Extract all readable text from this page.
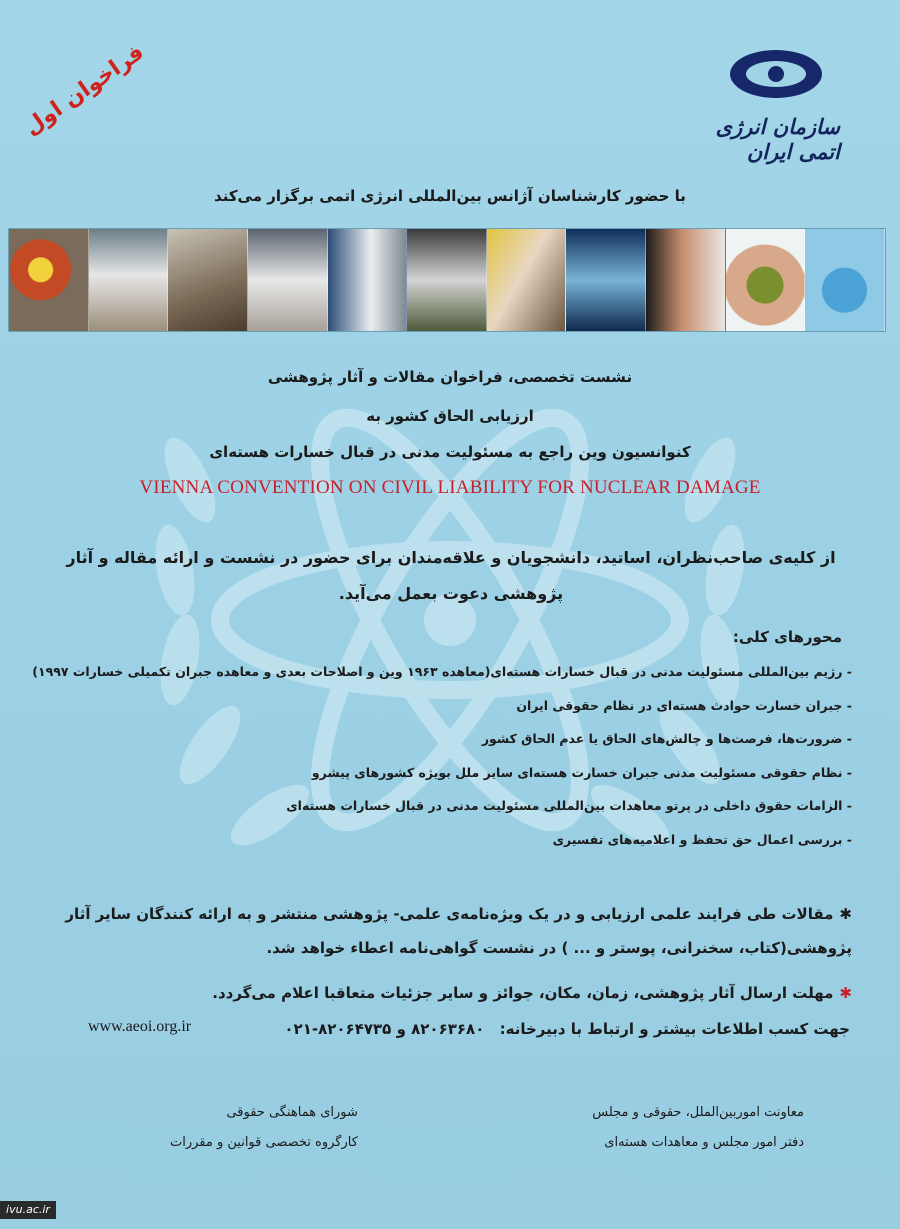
فراخوان اول	سازمان انرژی اتمی ایران
با حضور کارشناسان آژانس بین‌المللی انرژی اتمی برگزار می‌کند
نشست تخصصی، فراخوان مقالات و آثار پژوهشی
ارزیابی الحاق کشور به
کنوانسیون وین راجع به مسئولیت مدنی در قبال خسارات هسته‌ای
VIENNA CONVENTION ON CIVIL LIABILITY FOR NUCLEAR DAMAGE
از کلیه‌ی صاحب‌نظران، اساتید، دانشجویان و علاقه‌مندان برای حضور در نشست و ارائه مقاله و آثار
پژوهشی دعوت بعمل می‌آید.
محورهای کلی:
- رژیم بین‌المللی مسئولیت مدنی در قبال خسارات هسته‌ای(معاهده ۱۹۶۳ وین و اصلاحات بعدی و معاهده جبران تکمیلی خسارات ۱۹۹۷)
- جبران خسارت حوادث هسته‌ای در نظام حقوقی ایران
- ضرورت‌ها، فرصت‌ها و چالش‌های الحاق یا عدم الحاق کشور
- نظام حقوقی مسئولیت مدنی جبران خسارت هسته‌ای سایر ملل بویژه کشورهای پیشرو
- الزامات حقوق داخلی در پرتو معاهدات بین‌المللی مسئولیت مدنی در قبال خسارات هسته‌ای
- بررسی اعمال حق تحفظ و اعلامیه‌های تفسیری
✱مقالات طی فرایند علمی ارزیابی و در یک ویژه‌نامه‌ی علمی- پژوهشی منتشر و به ارائه کنندگان سایر آثار
پژوهشی(کتاب، سخنرانی، پوستر و ... ) در نشست گواهی‌نامه اعطاء خواهد شد.
✱مهلت ارسال آثار پژوهشی، زمان، مکان، جوائز و سایر جزئیات متعاقبا اعلام می‌گردد.
جهت کسب اطلاعات بیشتر و ارتباط با دبیرخانه: ۸۲۰۶۳۶۸۰ و ۸۲۰۶۴۷۳۵-۰۲۱
www.aeoi.org.ir
معاونت اموربین‌الملل، حقوقی و مجلس
دفتر امور مجلس و معاهدات هسته‌ای
شورای هماهنگی حقوقی
کارگروه تخصصی قوانین و مقررات
ivu.ac.ir
